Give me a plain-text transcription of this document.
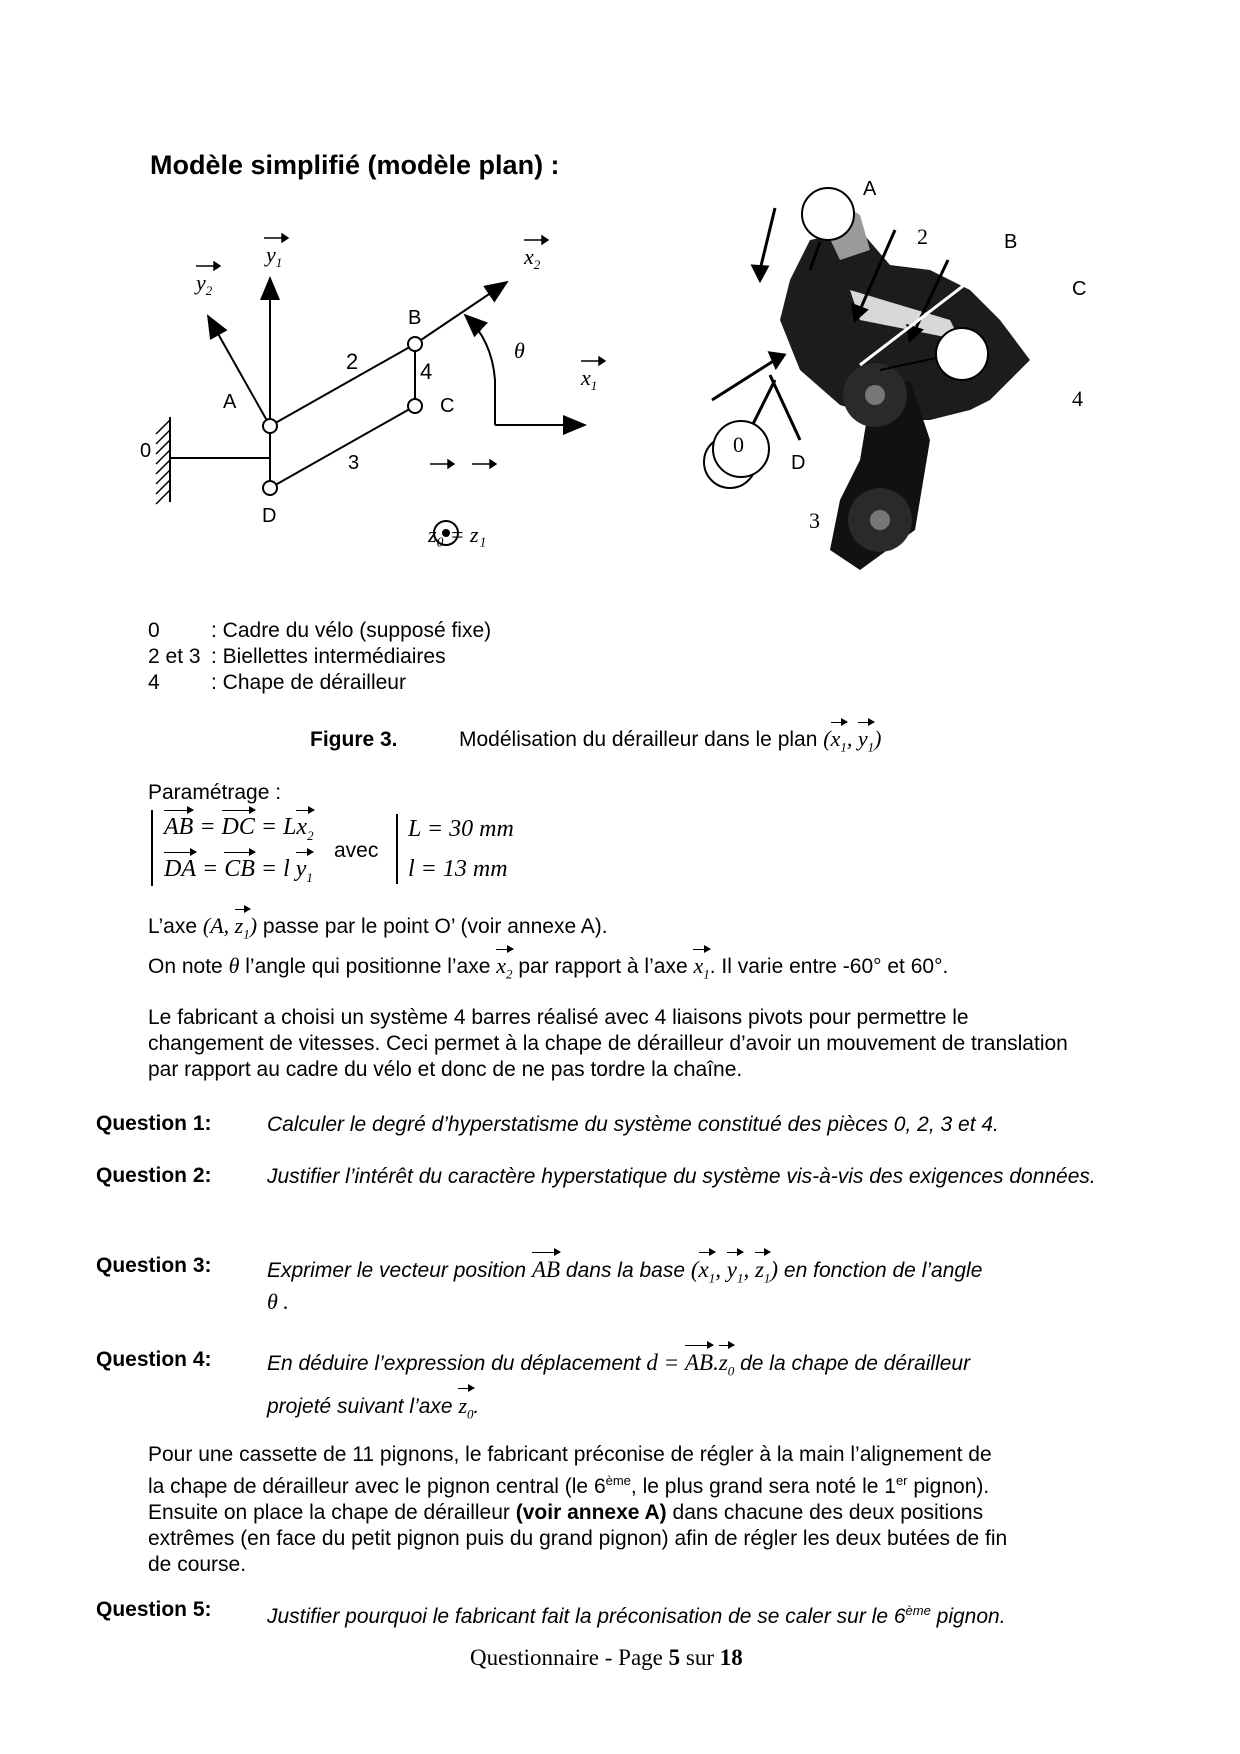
Modèle simplifié (modèle plan) :
$y_1$
$y_2$
$x_2$
$x_1$
θ
A
B
C
D
0
2
3
4
z₀ = z₁
2
4
3
A
B
C
D
0
0	: Cadre du vélo (supposé fixe)
2 et 3 : Biellettes intermédiaires
4	: Chape de dérailleur
Figure 3.	Modélisation du dérailleur dans le plan ($x_1$, $y_1$)
Paramétrage :
AB = DC = $Lx_2$
DA = CB = l $y_1$
avec
L = 30 mm
l = 13 mm
L’axe (A, $z_1$) passe par le point O’ (voir annexe A).
On note θ l’angle qui positionne l’axe $x_2$ par rapport à l’axe $x_1$. Il varie entre -60° et 60°.
Le fabricant a choisi un système 4 barres réalisé avec 4 liaisons pivots pour permettre le changement de vitesses. Ceci permet à la chape de dérailleur d’avoir un mouvement de translation par rapport au cadre du vélo et donc de ne pas tordre la chaîne.
Question 1:	Calculer le degré d’hyperstatisme du système constitué des pièces 0, 2, 3 et 4.
Question 2:	Justifier l’intérêt du caractère hyperstatique du système vis-à-vis des exigences données.
Question 3:	Exprimer le vecteur position AB dans la base ($x_1$, $y_1$, $z_1$) en fonction de l’angle
θ .
Question 4:	En déduire l’expression du déplacement $d = AB.z_0$ de la chape de dérailleur
projeté suivant l’axe $z_0$.
Pour une cassette de 11 pignons, le fabricant préconise de régler à la main l’alignement de
la chape de dérailleur avec le pignon central (le 6ème, le plus grand sera noté le 1er pignon).
Ensuite on place la chape de dérailleur (voir annexe A) dans chacune des deux positions
extrêmes (en face du petit pignon puis du grand pignon) afin de régler les deux butées de fin
de course.
Question 5:	Justifier pourquoi le fabricant fait la préconisation de se caler sur le 6ème pignon.
Questionnaire - Page 5 sur 18
